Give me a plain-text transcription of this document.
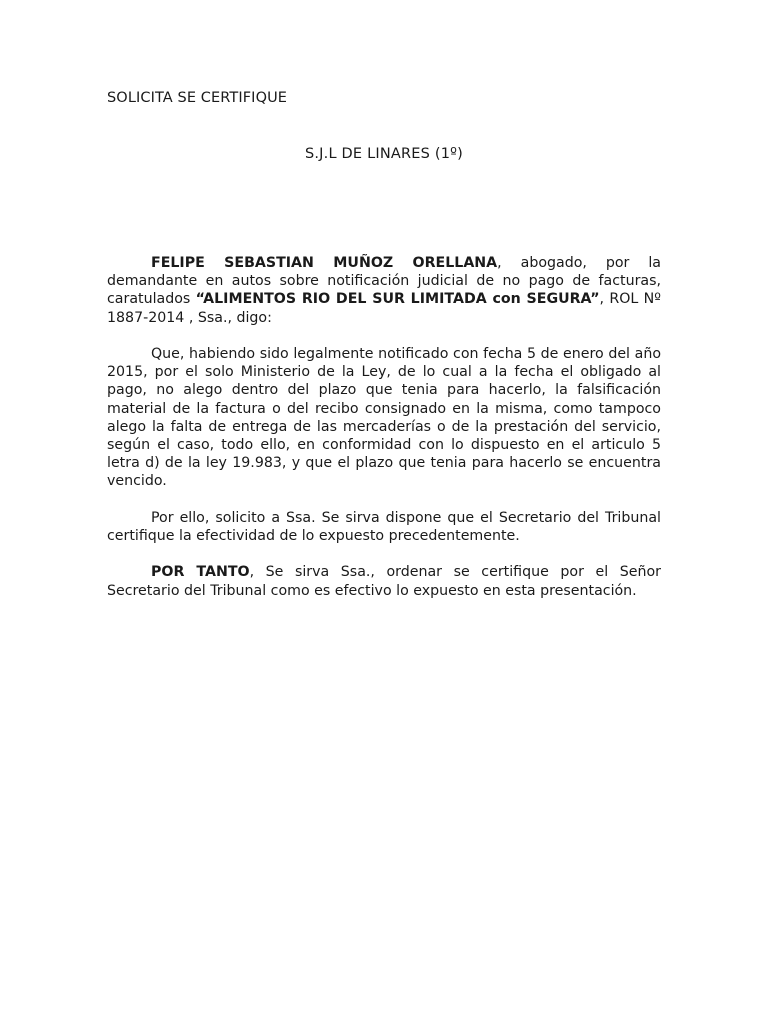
SOLICITA SE CERTIFIQUE
S.J.L DE LINARES (1º)

FELIPE SEBASTIAN MUÑOZ ORELLANA, abogado, por la demandante en autos sobre notificación judicial de no pago de facturas, caratulados “ALIMENTOS RIO DEL SUR LIMITADA con SEGURA”, ROL Nº 1887-2014 , Ssa., digo:

Que, habiendo sido legalmente notificado con fecha 5 de enero del año 2015, por el solo Ministerio de la Ley, de lo cual a la fecha el obligado al pago, no alego dentro del plazo que tenia para hacerlo, la falsificación material de la factura o del recibo consignado en la misma, como tampoco alego la falta de entrega de las mercaderías o de la prestación del servicio, según el caso, todo ello, en conformidad con lo dispuesto en el articulo 5 letra d) de la ley 19.983, y que el plazo que tenia para hacerlo se encuentra vencido.

Por ello, solicito a Ssa. Se sirva dispone que el Secretario del Tribunal certifique la efectividad de lo expuesto precedentemente.

POR TANTO, Se sirva Ssa., ordenar se certifique por el Señor Secretario del Tribunal como es efectivo lo expuesto en esta presentación.
